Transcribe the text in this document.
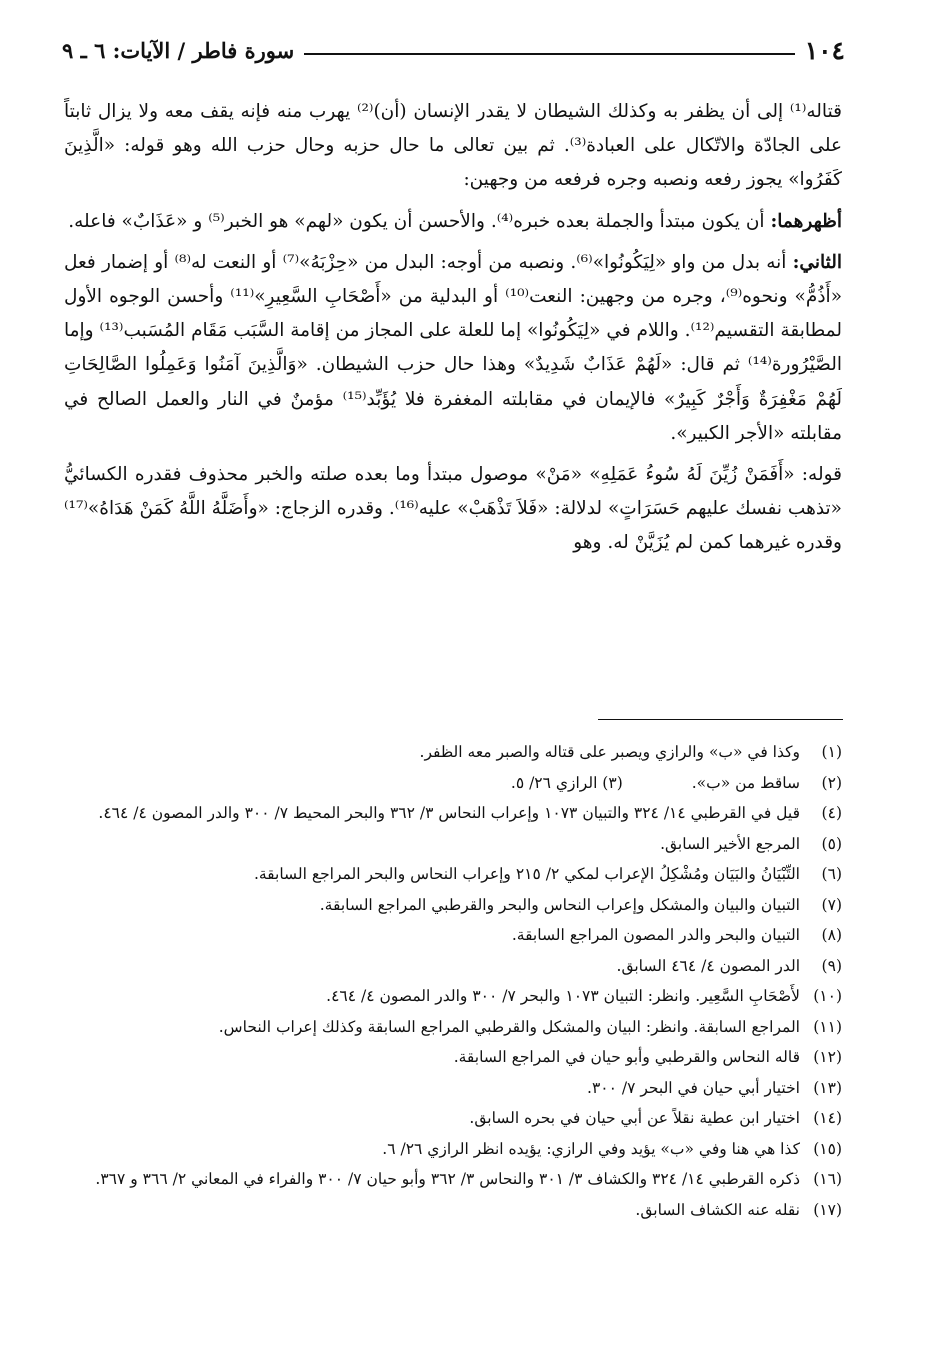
١٠٤
سورة فاطر / الآيات: ٦ ـ ٩

قتاله⁽¹⁾ إلى أن يظفر به وكذلك الشيطان لا يقدر الإنسان (أن)⁽²⁾ يهرب منه فإنه يقف معه ولا يزال ثابتاً على الجادّة والاتّكال على العبادة⁽³⁾. ثم بين تعالى ما حال حزبه وحال حزب الله وهو قوله: «الَّذِينَ كَفَرُوا» يجوز رفعه ونصبه وجره فرفعه من وجهين:

أظهرهما: أن يكون مبتدأ والجملة بعده خبره⁽⁴⁾. والأحسن أن يكون «لهم» هو الخبر⁽⁵⁾ و «عَذَابٌ» فاعله.

الثاني: أنه بدل من واو «لِيَكُونُوا»⁽⁶⁾. ونصبه من أوجه: البدل من «حِزْبَهُ»⁽⁷⁾ أو النعت له⁽⁸⁾ أو إضمار فعل «أَذُمُّ» ونحوه⁽⁹⁾، وجره من وجهين: النعت⁽¹⁰⁾ أو البدلية من «أَصْحَابِ السَّعِيرِ»⁽¹¹⁾ وأحسن الوجوه الأول لمطابقة التقسيم⁽¹²⁾. واللام في «لِيَكُونُوا» إما للعلة على المجاز من إقامة السَّبَب مَقَام المُسَبب⁽¹³⁾ وإما الصَّيْرُورة⁽¹⁴⁾ ثم قال: «لَهُمْ عَذَابٌ شَدِيدٌ» وهذا حال حزب الشيطان. «وَالَّذِينَ آمَنُوا وَعَمِلُوا الصَّالِحَاتِ لَهُمْ مَغْفِرَةٌ وَأَجْرٌ كَبِيرٌ» فالإيمان في مقابلته المغفرة فلا يُؤَبِّد⁽¹⁵⁾ مؤمنٌ في النار والعمل الصالح في مقابلته «الأجر الكبير».

قوله: «أَفَمَنْ زُيِّنَ لَهُ سُوءُ عَمَلِهِ» «مَنْ» موصول مبتدأ وما بعده صلته والخبر محذوف فقدره الكسائيُّ «تذهب نفسك عليهم حَسَرَاتٍ» لدلالة: «فَلاَ تَذْهَبْ» عليه⁽¹⁶⁾. وقدره الزجاج: «وأَضَلَّهُ اللَّهُ كَمَنْ هَدَاهُ»⁽¹⁷⁾ وقدره غيرهما كمن لم يُزَيَّنْ له. وهو

(١)
وكذا في «ب» والرازي ويصبر على قتاله والصبر معه الظفر.
(٢)
ساقط من «ب».              (٣) الرازي ٢٦/ ٥.
(٤)
قيل في القرطبي ١٤/ ٣٢٤ والتبيان ١٠٧٣ وإعراب النحاس ٣/ ٣٦٢ والبحر المحيط ٧/ ٣٠٠ والدر المصون ٤/ ٤٦٤.
(٥)
المرجع الأخير السابق.
(٦)
التِّبْيَانُ والبَيَان ومُشْكِلُ الإعراب لمكي ٢/ ٢١٥ وإعراب النحاس والبحر المراجع السابقة.
(٧)
التبيان والبيان والمشكل وإعراب النحاس والبحر والقرطبي المراجع السابقة.
(٨)
التبيان والبحر والدر المصون المراجع السابقة.
(٩)
الدر المصون ٤/ ٤٦٤ السابق.
(١٠)
لأَصْحَابِ السَّعِير. وانظر: التبيان ١٠٧٣ والبحر ٧/ ٣٠٠ والدر المصون ٤/ ٤٦٤.
(١١)
المراجع السابقة. وانظر: البيان والمشكل والقرطبي المراجع السابقة وكذلك إعراب النحاس.
(١٢)
قاله النحاس والقرطبي وأبو حيان في المراجع السابقة.
(١٣)
اختيار أبي حيان في البحر ٧/ ٣٠٠.
(١٤)
اختيار ابن عطية نقلاً عن أبي حيان في بحره السابق.
(١٥)
كذا هي هنا وفي «ب» يؤيد وفي الرازي: يؤيده انظر الرازي ٢٦/ ٦.
(١٦)
ذكره القرطبي ١٤/ ٣٢٤ والكشاف ٣/ ٣٠١ والنحاس ٣/ ٣٦٢ وأبو حيان ٧/ ٣٠٠ والفراء في المعاني ٢/ ٣٦٦ و ٣٦٧.
(١٧)
نقله عنه الكشاف السابق.
